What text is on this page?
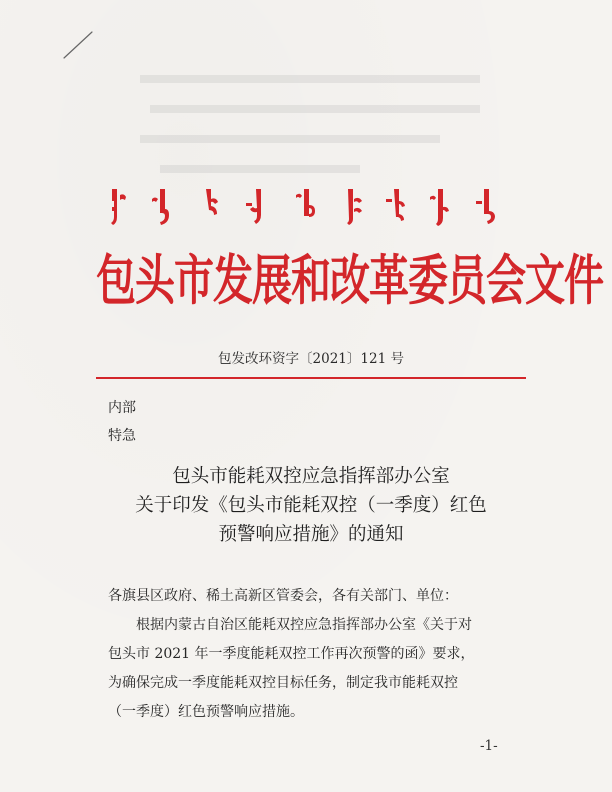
包头市发展和改革委员会文件
包发改环资字〔2021〕121 号
内部
特急
包头市能耗双控应急指挥部办公室
关于印发《包头市能耗双控（一季度）红色
预警响应措施》的通知
各旗县区政府、稀土高新区管委会，各有关部门、单位：
根据内蒙古自治区能耗双控应急指挥部办公室《关于对
包头市 2021 年一季度能耗双控工作再次预警的函》要求，
为确保完成一季度能耗双控目标任务，制定我市能耗双控
（一季度）红色预警响应措施。
-1-
